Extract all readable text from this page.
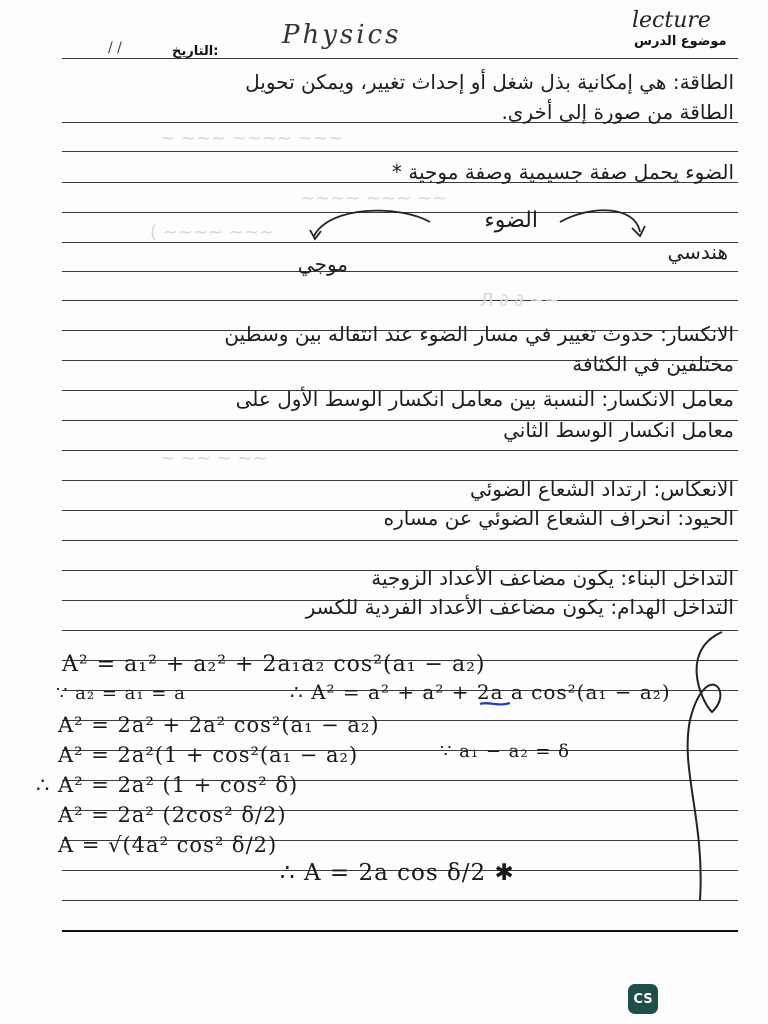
~ ~~~ ~~~~ ~~~
~~~~ ~~~ ~~
( ~~~~ ~~~
Л ∂ ∂ ~~
~ ~~ ~ ~~
التاريخ:
/ /	Physics	lecture
موضوع الدرس
الطاقة: هي إمكانية بذل شغل أو إحداث تغيير، ويمكن تحويل
الطاقة من صورة إلى أخرى.
الضوء يحمل صفة جسيمية وصفة موجية *
الضوء
هندسي
موجي
الانكسار: حدوث تغيير في مسار الضوء عند انتقاله بين وسطين
مختلفين في الكثافة
معامل الانكسار: النسبة بين معامل انكسار الوسط الأول على
معامل انكسار الوسط الثاني
الانعكاس: ارتداد الشعاع الضوئي
الحيود: انحراف الشعاع الضوئي عن مساره
التداخل البناء: يكون مضاعف الأعداد الزوجية
التداخل الهدام: يكون مضاعف الأعداد الفردية للكسر
A² = a₁² + a₂² + 2a₁a₂ cos²(a₁ − a₂)
∵ a₂ = a₁ = a	∴ A² = a² + a² + 2a a cos²(a₁ − a₂)
A² = 2a² + 2a² cos²(a₁ − a₂)
A² = 2a²(1 + cos²(a₁ − a₂)	∵ a₁ − a₂ = δ
∴ A² = 2a² (1 + cos² δ)
A² = 2a² (2cos² δ/2)
A = √(4a² cos² δ/2)
∴ A = 2a cos δ/2 ✱
CS
